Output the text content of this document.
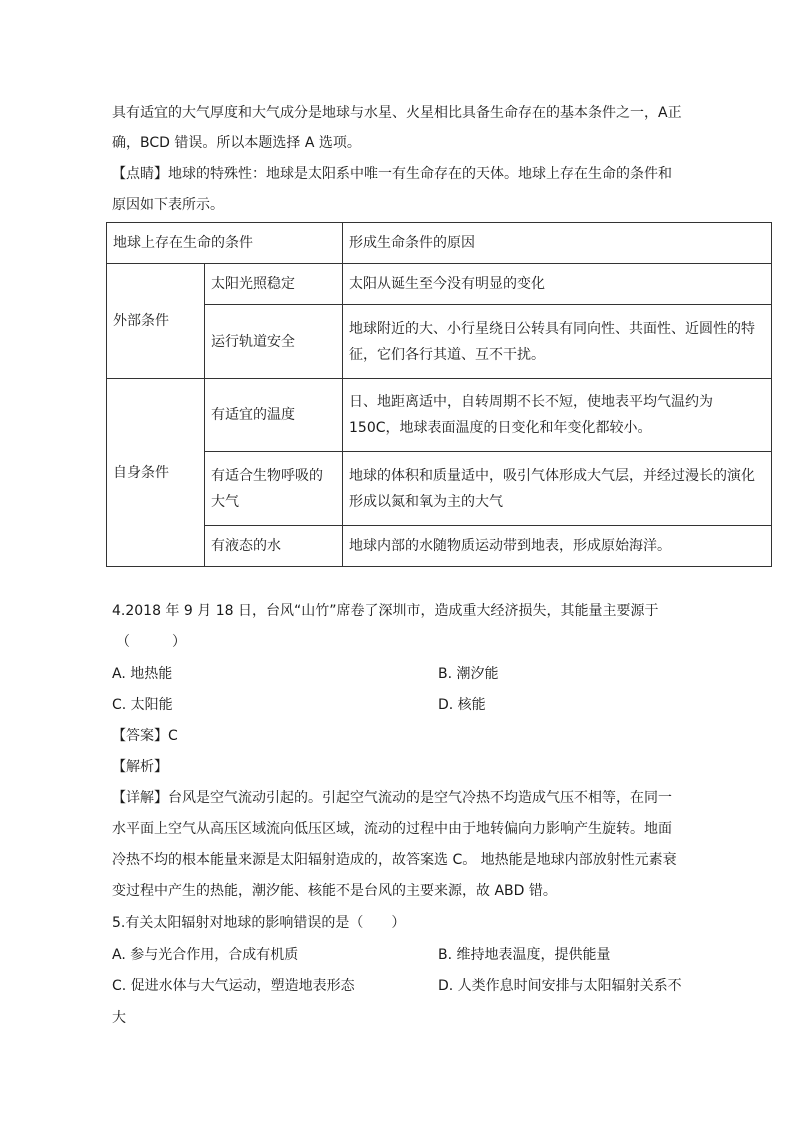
具有适宜的大气厚度和大气成分是地球与水星、火星相比具备生命存在的基本条件之一，A正
确，BCD 错误。所以本题选择 A 选项。
【点睛】地球的特殊性：地球是太阳系中唯一有生命存在的天体。地球上存在生命的条件和
原因如下表所示。
地球上存在生命的条件		形成生命条件的原因
外部条件	太阳光照稳定	太阳从诞生至今没有明显的变化
	运行轨道安全	地球附近的大、小行星绕日公转具有同向性、共面性、近圆性的特征，它们各行其道、互不干扰。
自身条件	有适宜的温度	日、地距离适中，自转周期不长不短，使地表平均气温约为 150C，地球表面温度的日变化和年变化都较小。
	有适合生物呼吸的大气	地球的体积和质量适中，吸引气体形成大气层，并经过漫长的演化形成以氮和氧为主的大气
	有液态的水	地球内部的水随物质运动带到地表，形成原始海洋。
4.2018 年 9 月 18 日，台风“山竹”席卷了深圳市，造成重大经济损失，其能量主要源于
（　　　）
A. 地热能	B. 潮汐能
C. 太阳能	D. 核能
【答案】C
【解析】
【详解】台风是空气流动引起的。引起空气流动的是空气冷热不均造成气压不相等，在同一
水平面上空气从高压区域流向低压区域，流动的过程中由于地转偏向力影响产生旋转。地面
冷热不均的根本能量来源是太阳辐射造成的，故答案选 C。 地热能是地球内部放射性元素衰
变过程中产生的热能，潮汐能、核能不是台风的主要来源，故 ABD 错。
5.有关太阳辐射对地球的影响错误的是（　　）
A. 参与光合作用，合成有机质	B. 维持地表温度，提供能量
C. 促进水体与大气运动，塑造地表形态	D. 人类作息时间安排与太阳辐射关系不
大
